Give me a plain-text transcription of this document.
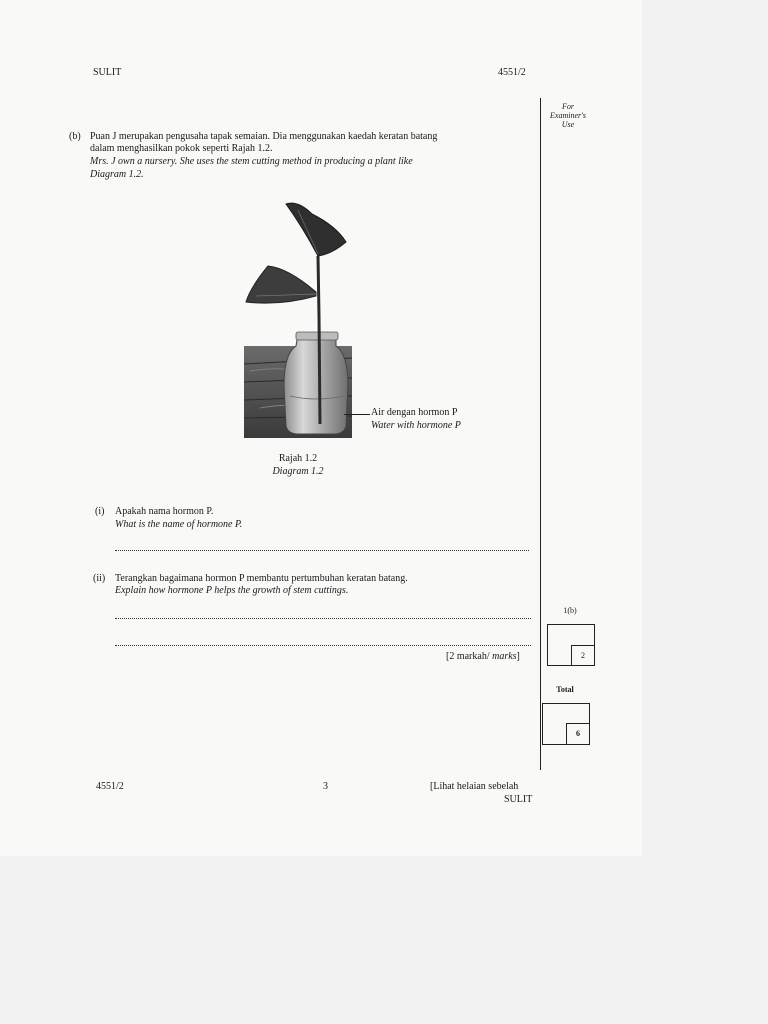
SULIT	4551/2
For
Examiner's
Use
(b) Puan J merupakan pengusaha tapak semaian. Dia menggunakan kaedah keratan batang
dalam menghasilkan pokok seperti Rajah 1.2.
Mrs. J own a nursery. She uses the stem cutting method in producing a plant like
Diagram 1.2.
Air dengan hormon P
Water with hormone P
Rajah 1.2
Diagram 1.2
(i) Apakah nama hormon P.
What is the name of hormone P.
(ii) Terangkan bagaimana hormon P membantu pertumbuhan keratan batang.
Explain how hormone P helps the growth of stem cuttings.
[2 markah/ marks]
1(b)
2
Total
6
4551/2	3	[Lihat helaian sebelah
SULIT
